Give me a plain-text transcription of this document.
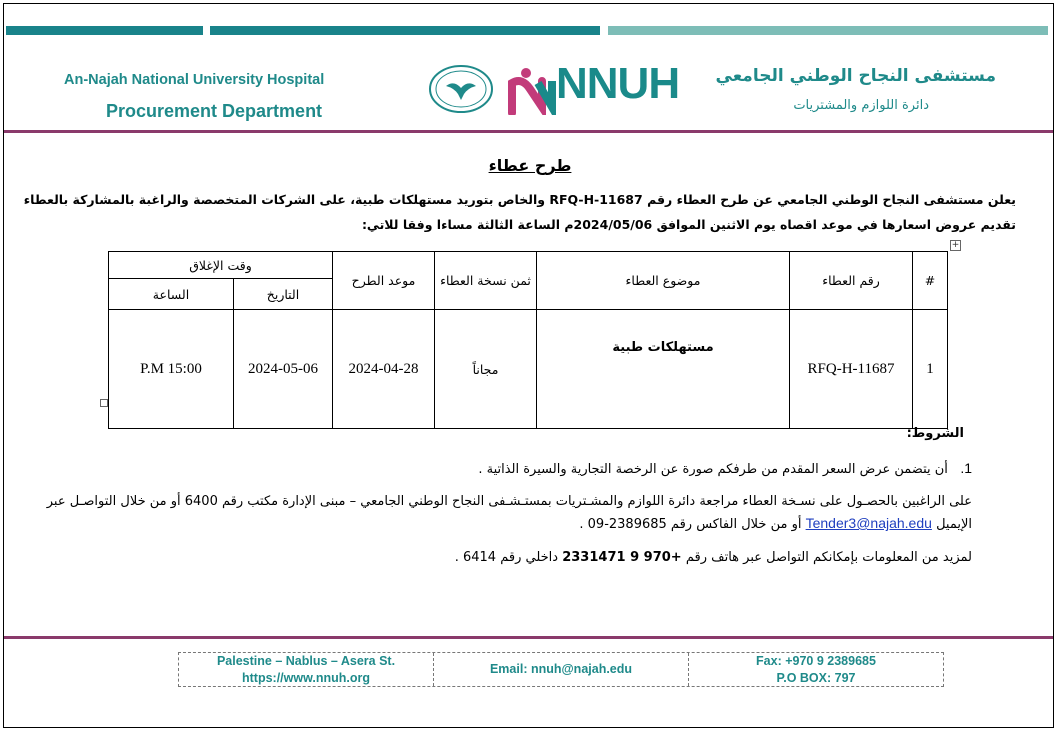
An-Najah National University Hospital
Procurement Department
مستشفى النجاح الوطني الجامعي
دائرة اللوازم والمشتريات
NNUH
طرح عطاء
يعلن مستشفى النجاح الوطني الجامعي عن طرح العطاء رقم RFQ-H-11687 والخاص بتوريد مستهلكات طبية، على الشركات المتخصصة والراغبة بالمشاركة بالعطاء
تقديم عروض اسعارها في موعد اقصاه يوم الاثنين الموافق 2024/05/06م الساعة الثالثة مساءا وفقا للاتي:
+
#	رقم العطاء	موضوع العطاء	ثمن نسخة العطاء	موعد الطرح	وقت الإغلاق	
					التاريخ	الساعة
1	RFQ-H-11687	مستهلكات طبية	مجاناً	2024-04-28	2024-05-06	P.M 15:00
الشروط:
1.   أن يتضمن عرض السعر المقدم من طرفكم صورة عن الرخصة التجارية والسيرة الذاتية .
على الراغبين بالحصـول على نسـخة العطاء مراجعة دائرة اللوازم والمشـتريات بمستـشـفى النجاح الوطني الجامعي – مبنى الإدارة مكتب رقم 6400 أو من خلال التواصـل عبر
الإيميل Tender3@najah.edu أو من خلال الفاكس رقم 2389685-09 .
لمزيد من المعلومات بإمكانكم التواصل عبر هاتف رقم +970 9 2331471 داخلي رقم 6414 .
Palestine – Nablus – Asera St.
https://www.nnuh.org
Email: nnuh@najah.edu
Fax: +970 9 2389685
P.O BOX: 797
